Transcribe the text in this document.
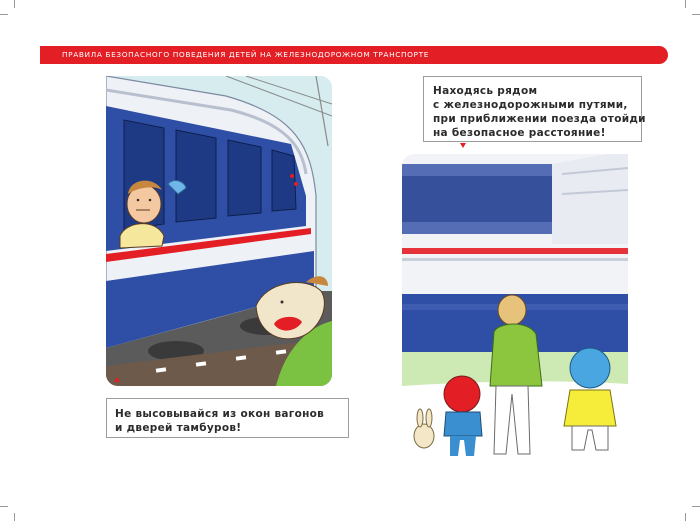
ПРАВИЛА БЕЗОПАСНОГО ПОВЕДЕНИЯ ДЕТЕЙ НА ЖЕЛЕЗНОДОРОЖНОМ ТРАНСПОРТЕ
Не высовывайся из окон вагонов
и дверей тамбуров!
Находясь рядом
с железнодорожными путями,
при приближении поезда отойди
на безопасное расстояние!
